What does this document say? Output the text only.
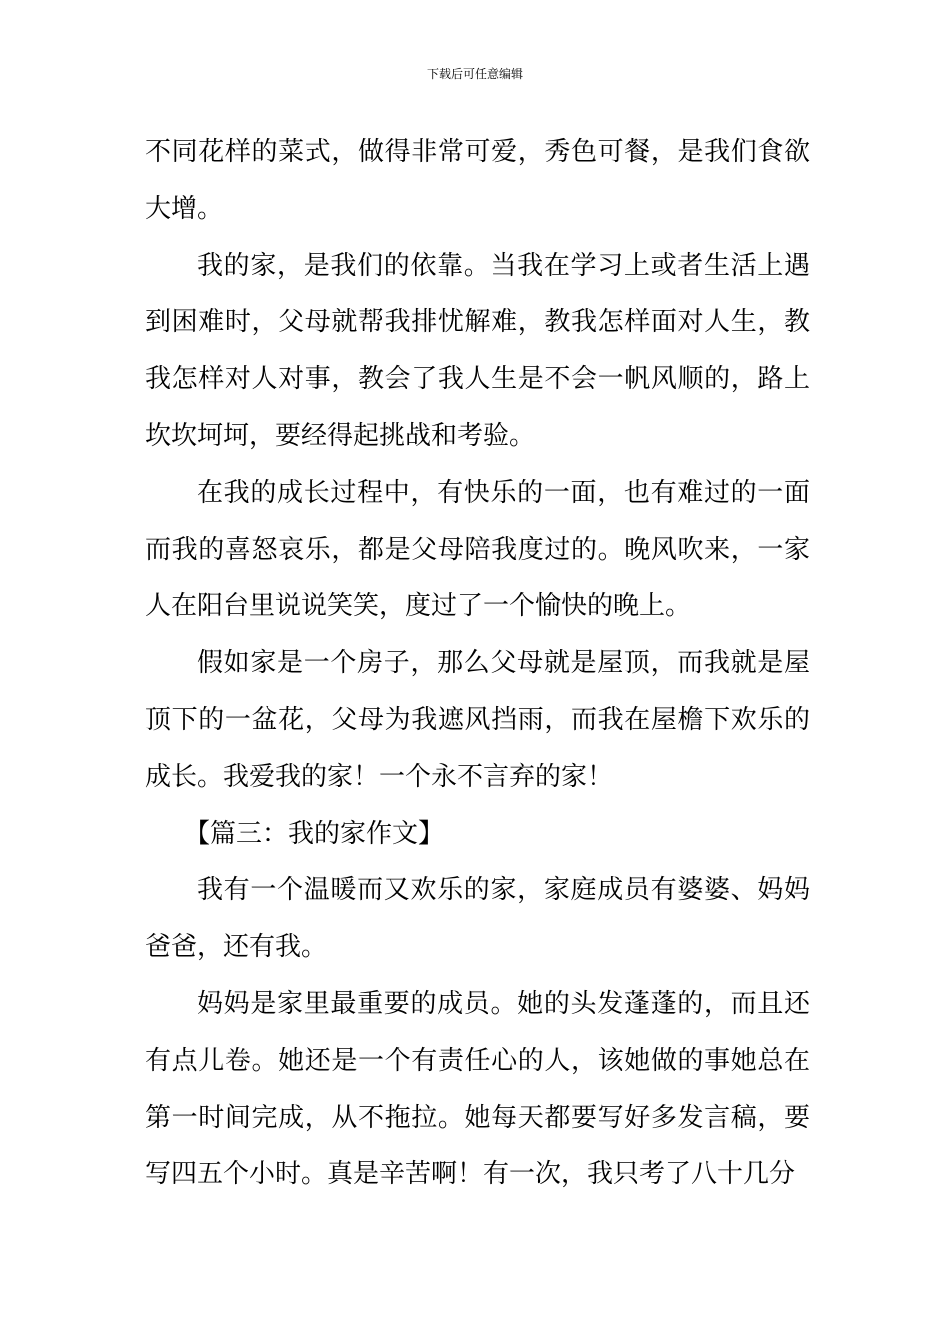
下载后可任意编辑

不同花样的菜式，做得非常可爱，秀色可餐，是我们食欲大增。

我的家，是我们的依靠。当我在学习上或者生活上遇到困难时，父母就帮我排忧解难，教我怎样面对人生，教我怎样对人对事，教会了我人生是不会一帆风顺的，路上坎坎坷坷，要经得起挑战和考验。

在我的成长过程中，有快乐的一面，也有难过的一面而我的喜怒哀乐，都是父母陪我度过的。晚风吹来，一家人在阳台里说说笑笑，度过了一个愉快的晚上。

假如家是一个房子，那么父母就是屋顶，而我就是屋顶下的一盆花，父母为我遮风挡雨，而我在屋檐下欢乐的成长。我爱我的家！一个永不言弃的家！

【篇三：我的家作文】

我有一个温暖而又欢乐的家，家庭成员有婆婆、妈妈爸爸，还有我。

妈妈是家里最重要的成员。她的头发蓬蓬的，而且还有点儿卷。她还是一个有责任心的人，该她做的事她总在第一时间完成，从不拖拉。她每天都要写好多发言稿，要写四五个小时。真是辛苦啊！有一次，我只考了八十几分
